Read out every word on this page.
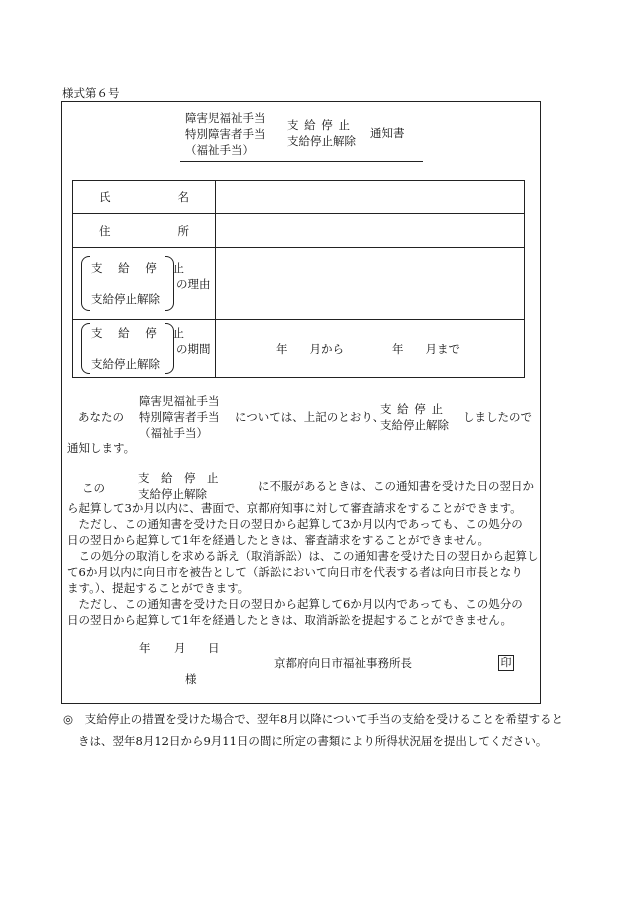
様式第６号
障害児福祉手当
特別障害者手当
（福祉手当）
支 給 停 止
支給停止解除
通知書
氏 名	

住 所	

支 給 停 止
支給停止解除
の理由	

支 給 停 止
支給停止解除
の期間	年 月から 年 月まで
あなたの
障害児福祉手当
特別障害者手当
（福祉手当）
については、上記のとおり、
支 給 停 止
支給停止解除
しましたので
通知します。
この
支　給　停　止
支給停止解除
に不服があるときは、この通知書を受けた日の翌日か
ら起算して3か月以内に、書面で、京都府知事に対して審査請求をすることができます。
　ただし、この通知書を受けた日の翌日から起算して3か月以内であっても、この処分の
日の翌日から起算して1年を経過したときは、審査請求をすることができません。
　この処分の取消しを求める訴え（取消訴訟）は、この通知書を受けた日の翌日から起算し
て6か月以内に向日市を被告として（訴訟において向日市を代表する者は向日市長となり
ます。）、提起することができます。
　ただし、この通知書を受けた日の翌日から起算して6か月以内であっても、この処分の
日の翌日から起算して1年を経過したときは、取消訴訟を提起することができません。
年 月 日
京都府向日市福祉事務所長	印
様
◎ 支給停止の措置を受けた場合で、翌年8月以降について手当の支給を受けることを希望すると
きは、翌年8月12日から9月11日の間に所定の書類により所得状況届を提出してください。
